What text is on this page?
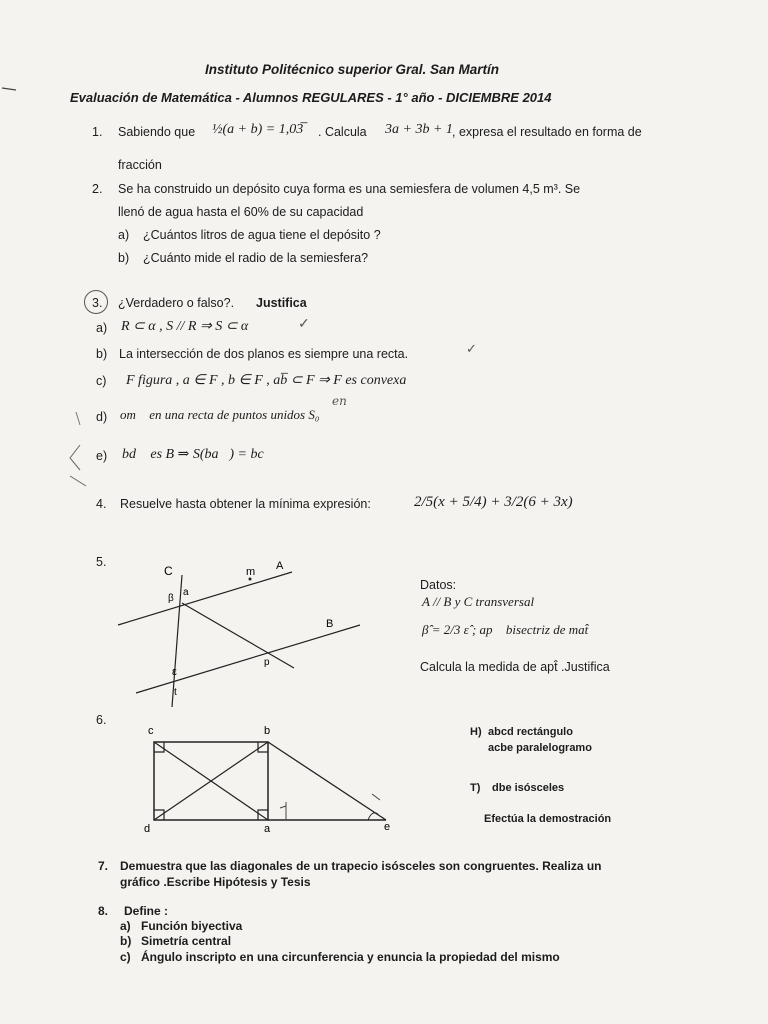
Instituto Politécnico superior Gral. San Martín
Evaluación de Matemática - Alumnos REGULARES - 1° año - DICIEMBRE 2014
1. Sabiendo que ½(a + b) = 1,03̅ . Calcula 3a + 3b + 1 , expresa el resultado en forma de
fracción
2. Se ha construido un depósito cuya forma es una semiesfera de volumen 4,5 m³. Se
llenó de agua hasta el 60% de su capacidad
a) ¿Cuántos litros de agua tiene el depósito ?
b) ¿Cuánto mide el radio de la semiesfera?
3. ¿Verdadero o falso?. Justifica
a) R ⊂ α , S // R ⇒ S ⊂ α	✓
b) La intersección de dos planos es siempre una recta.	✓
c) F figura , a ∈ F , b ∈ F , ab̅ ⊂ F ⇒ F es convexa
en
d) om⃡ en una recta de puntos unidos S₀
e) bd⃗ es B ⇒ S(ba⃗) = bc⃗
4. Resuelve hasta obtener la mínima expresión:	2/5(x + 5/4) + 3/2(6 + 3x)
5.
C	A
m
B
β
a
p
ε
t
Datos:
A // B y C transversal
β̂ = 2/3 ε̂ ; ap⃗ bisectriz de mat̂
Calcula la medida de apt̂ .Justifica
6.
c	b
d	a	e
H) abcd rectángulo
acbe paralelogramo
T) dbe isósceles
Efectúa la demostración
7. Demuestra que las diagonales de un trapecio isósceles son congruentes. Realiza un
gráfico .Escribe Hipótesis y Tesis
8. Define :
a) Función biyectiva
b) Simetría central
c) Ángulo inscripto en una circunferencia y enuncia la propiedad del mismo
